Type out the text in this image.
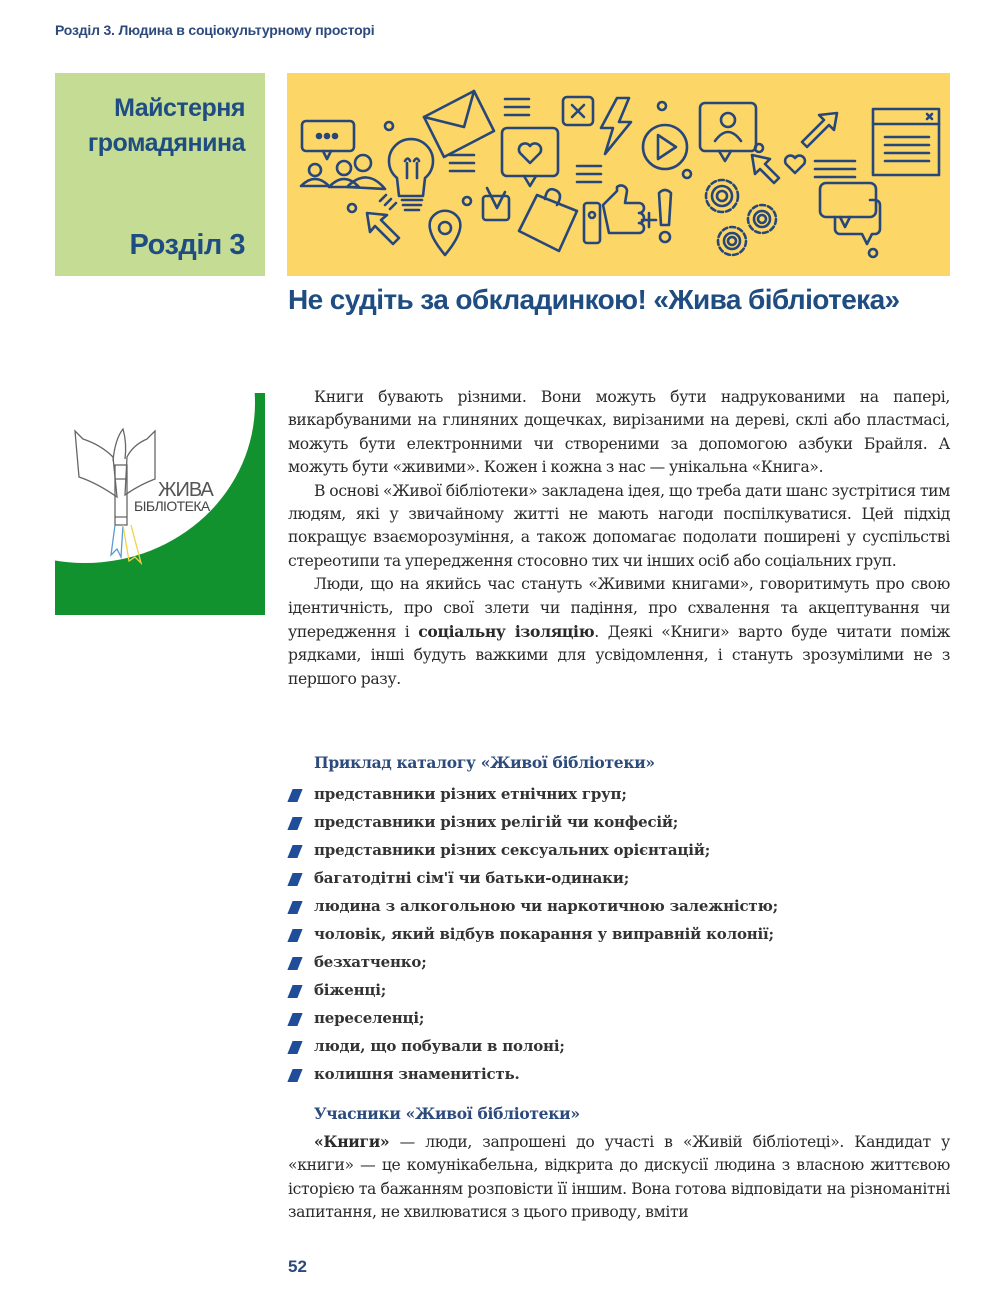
Розділ 3. Людина в соціокультурному просторі
Майстерня
громадянина
Розділ 3
Не судіть за обкладинкою! «Жива бібліотека»
ЖИВА
БІБЛІОТЕКА

Книги бувають різними. Вони можуть бути надрукованими на папері, викарбуваними на глиняних дощечках, вирізаними на дереві, склі або пластмасі, можуть бути електронними чи створеними за допомогою азбуки Брайля. А можуть бути «живими». Кожен і кожна з нас — унікальна «Книга».

В основі «Живої бібліотеки» закладена ідея, що треба дати шанс зустрітися тим людям, які у звичайному житті не мають нагоди поспілкуватися. Цей підхід покращує взаєморозуміння, а також допомагає подолати поширені у суспільстві стереотипи та упередження стосовно тих чи інших осіб або соціальних груп.

Люди, що на якийсь час стануть «Живими книгами», говоритимуть про свою ідентичність, про свої злети чи падіння, про схвалення та акцептування чи упередження і соціальну ізоляцію. Деякі «Книги» варто буде читати поміж рядками, інші будуть важкими для усвідомлення, і стануть зрозумілими не з першого разу.

Приклад каталогу «Живої бібліотеки»
представники різних етнічних груп;
представники різних релігій чи конфесій;
представники різних сексуальних орієнтацій;
багатодітні сім'ї чи батьки-одинаки;
людина з алкогольною чи наркотичною залежністю;
чоловік, який відбув покарання у виправній колонії;
безхатченко;
біженці;
переселенці;
люди, що побували в полоні;
колишня знаменитість.
Учасники «Живої бібліотеки»

«Книги» — люди, запрошені до участі в «Живій бібліотеці». Кандидат у «книги» — це комунікабельна, відкрита до дискусії людина з власною життєвою історією та бажанням розповісти її іншим. Вона готова відповідати на різноманітні запитання, не хвилюватися з цього приводу, вміти

52
